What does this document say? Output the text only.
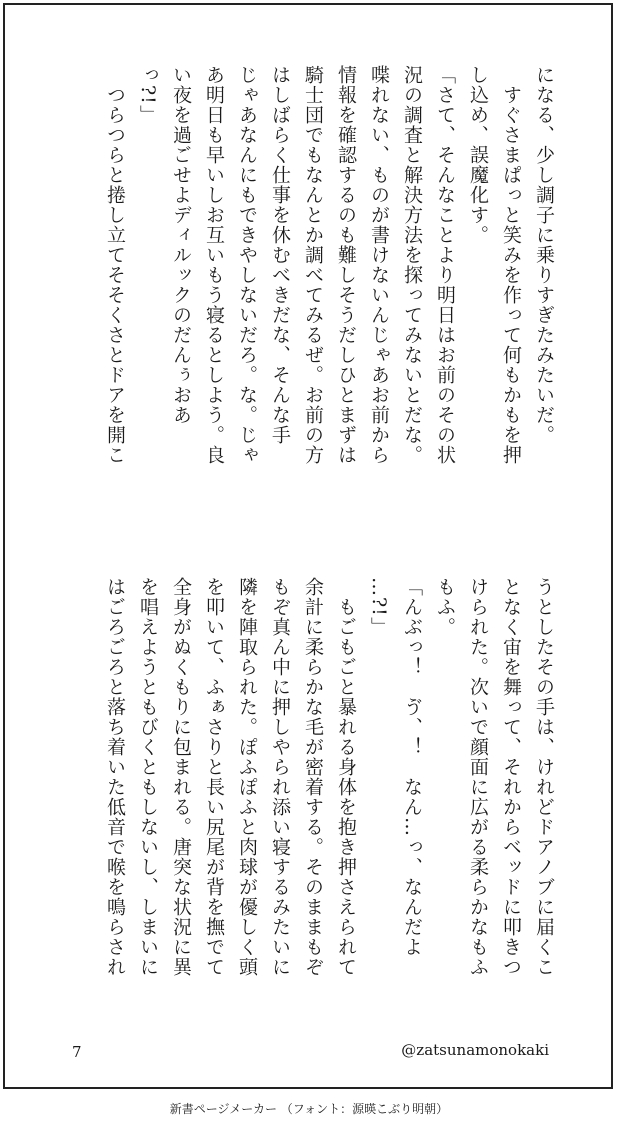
になる、少し調子に乗りすぎたみたいだ。
　すぐさまぱっと笑みを作って何もかもを押
し込め、誤魔化す。
「さて、そんなことより明日はお前のその状
況の調査と解決方法を探ってみないとだな。
喋れない、ものが書けないんじゃあお前から
情報を確認するのも難しそうだしひとまずは
騎士団でもなんとか調べてみるぜ。お前の方
はしばらく仕事を休むべきだな、そんな手
じゃあなんにもできやしないだろ。な。じゃ
あ明日も早いしお互いもう寝るとしよう。良
い夜を過ごせよディルックのだんぅおあ
っ?!」
　つらつらと捲し立てそそくさとドアを開こ
うとしたその手は、けれどドアノブに届くこ
となく宙を舞って、それからベッドに叩きつ
けられた。次いで顔面に広がる柔らかなもふ
もふ。
「んぶっ！　ゔ、！　なん…っ、なんだよ
…?!」
　もごもごと暴れる身体を抱き押さえられて
余計に柔らかな毛が密着する。そのままもぞ
もぞ真ん中に押しやられ添い寝するみたいに
隣を陣取られた。ぽふぽふと肉球が優しく頭
を叩いて、ふぁさりと長い尻尾が背を撫でて
全身がぬくもりに包まれる。唐突な状況に異
を唱えようともびくともしないし、しまいに
はごろごろと落ち着いた低音で喉を鳴らされ
7	@zatsunamonokaki
新書ページメーカー （フォント：源暎こぶり明朝）
